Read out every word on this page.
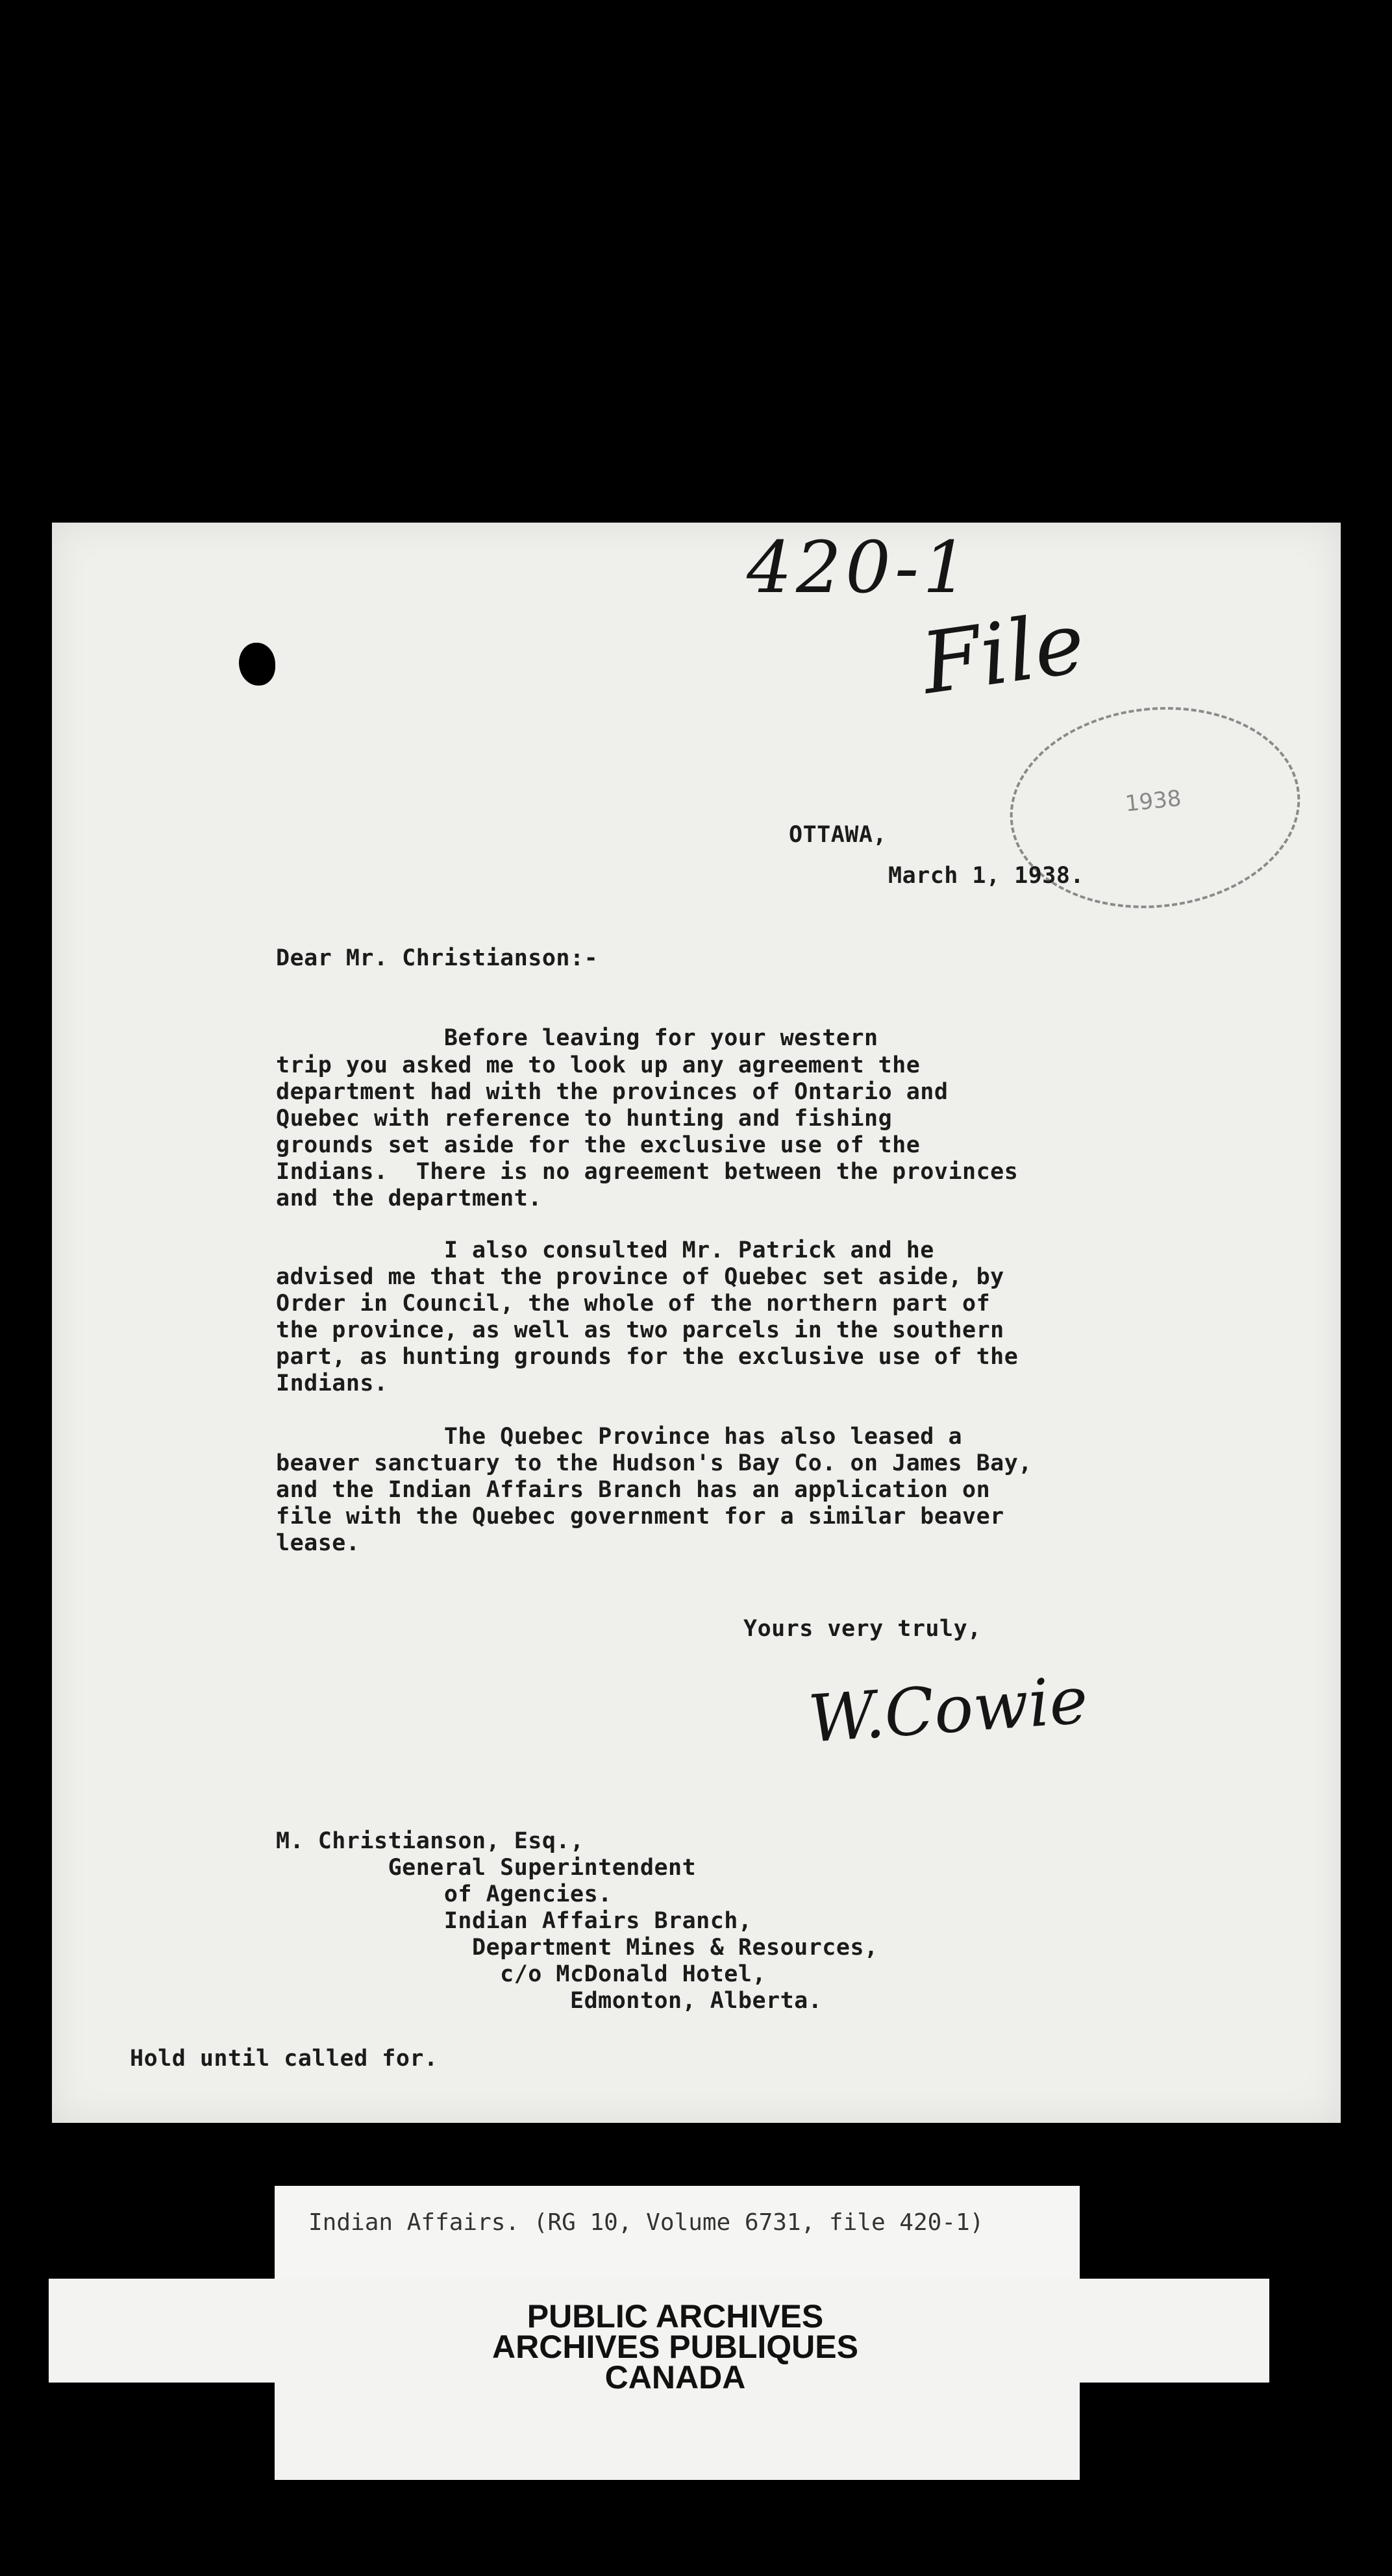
420-1
File
1938
OTTAWA,
March 1, 1938.
Dear Mr. Christianson:-
Before leaving for your western
trip you asked me to look up any agreement the
department had with the provinces of Ontario and
Quebec with reference to hunting and fishing
grounds set aside for the exclusive use of the
Indians.  There is no agreement between the provinces
and the department.
I also consulted Mr. Patrick and he
advised me that the province of Quebec set aside, by
Order in Council, the whole of the northern part of
the province, as well as two parcels in the southern
part, as hunting grounds for the exclusive use of the
Indians.
The Quebec Province has also leased a
beaver sanctuary to the Hudson's Bay Co. on James Bay,
and the Indian Affairs Branch has an application on
file with the Quebec government for a similar beaver
lease.
Yours very truly,
W.Cowie
M. Christianson, Esq.,
General Superintendent
of Agencies.
Indian Affairs Branch,
Department Mines & Resources,
c/o McDonald Hotel,
Edmonton, Alberta.
Hold until called for.
Indian Affairs. (RG 10, Volume 6731, file 420-1)
PUBLIC ARCHIVES
ARCHIVES PUBLIQUES
CANADA
